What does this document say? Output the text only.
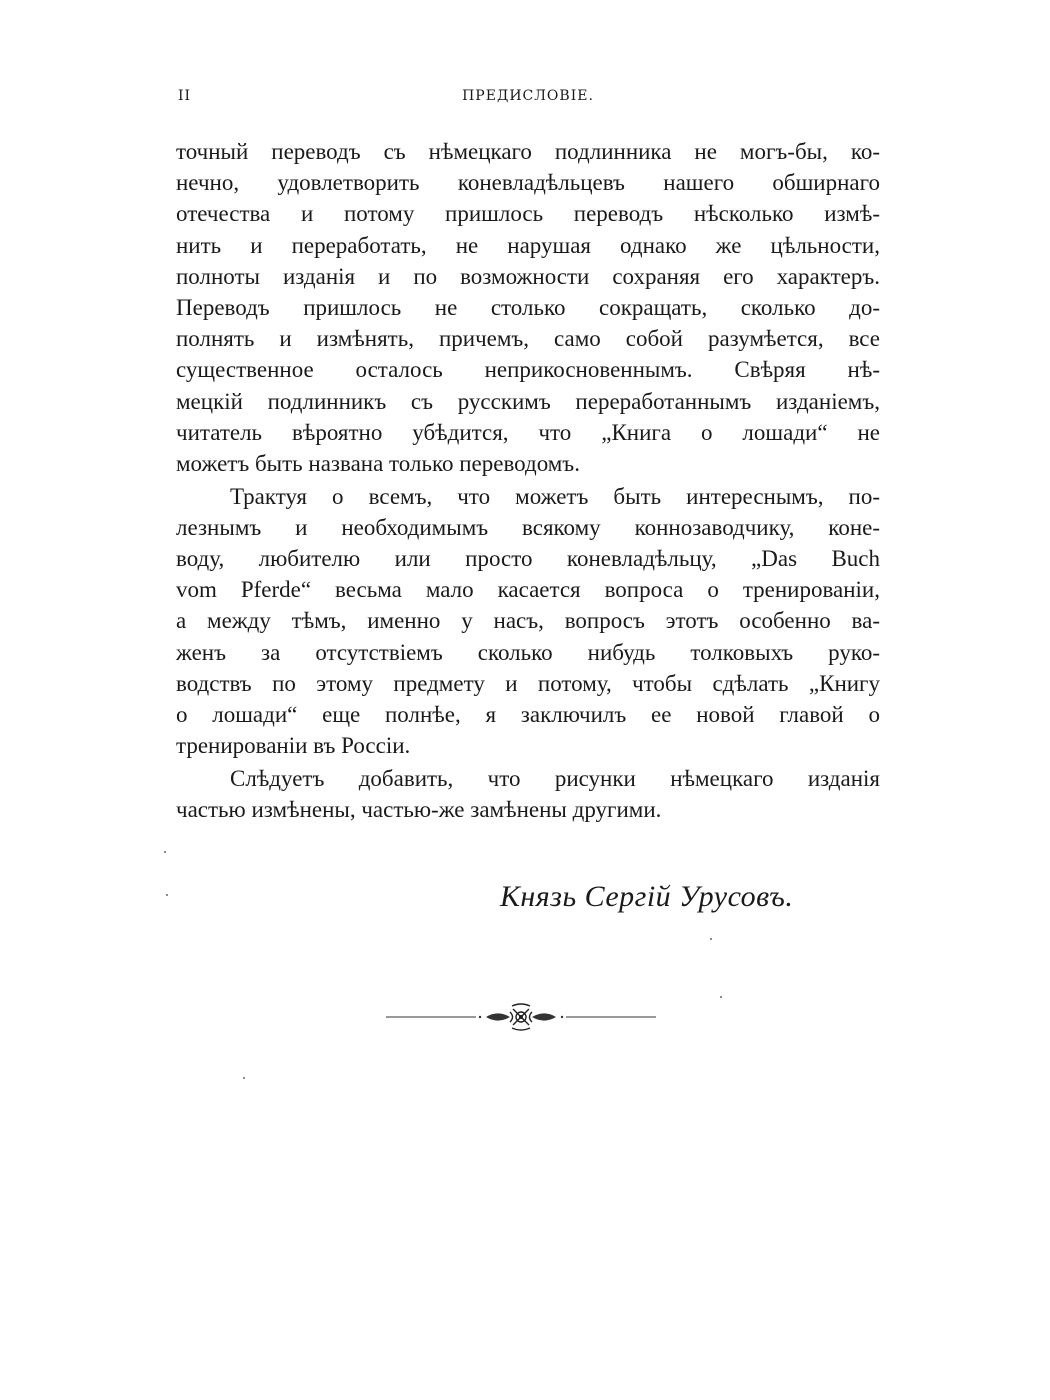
II	ПРЕДИСЛОВІЕ.
точный переводъ съ нѣмецкаго подлинника не могъ-бы, ко-
нечно, удовлетворить коневладѣльцевъ нашего обширнаго
отечества и потому пришлось переводъ нѣсколько измѣ-
нить и переработать, не нарушая однако же цѣльности,
полноты изданія и по возможности сохраняя его характеръ.
Переводъ пришлось не столько сокращать, сколько до-
полнять и измѣнять, причемъ, само собой разумѣется, все
существенное осталось неприкосновеннымъ. Свѣряя нѣ-
мецкій подлинникъ съ русскимъ переработаннымъ изданіемъ,
читатель вѣроятно убѣдится, что „Книга о лошади“ не
можетъ быть названа только переводомъ.
Трактуя о всемъ, что можетъ быть интереснымъ, по-
лезнымъ и необходимымъ всякому коннозаводчику, коне-
воду, любителю или просто коневладѣльцу, „Das Buch
vom Pferde“ весьма мало касается вопроса о тренированіи,
а между тѣмъ, именно у насъ, вопросъ этотъ особенно ва-
женъ за отсутствіемъ сколько нибудь толковыхъ руко-
водствъ по этому предмету и потому, чтобы сдѣлать „Книгу
о лошади“ еще полнѣе, я заключилъ ее новой главой о
тренированіи въ Россіи.
Слѣдуетъ добавить, что рисунки нѣмецкаго изданія
частью измѣнены, частью-же замѣнены другими.
Князь Сергій Урусовъ.
